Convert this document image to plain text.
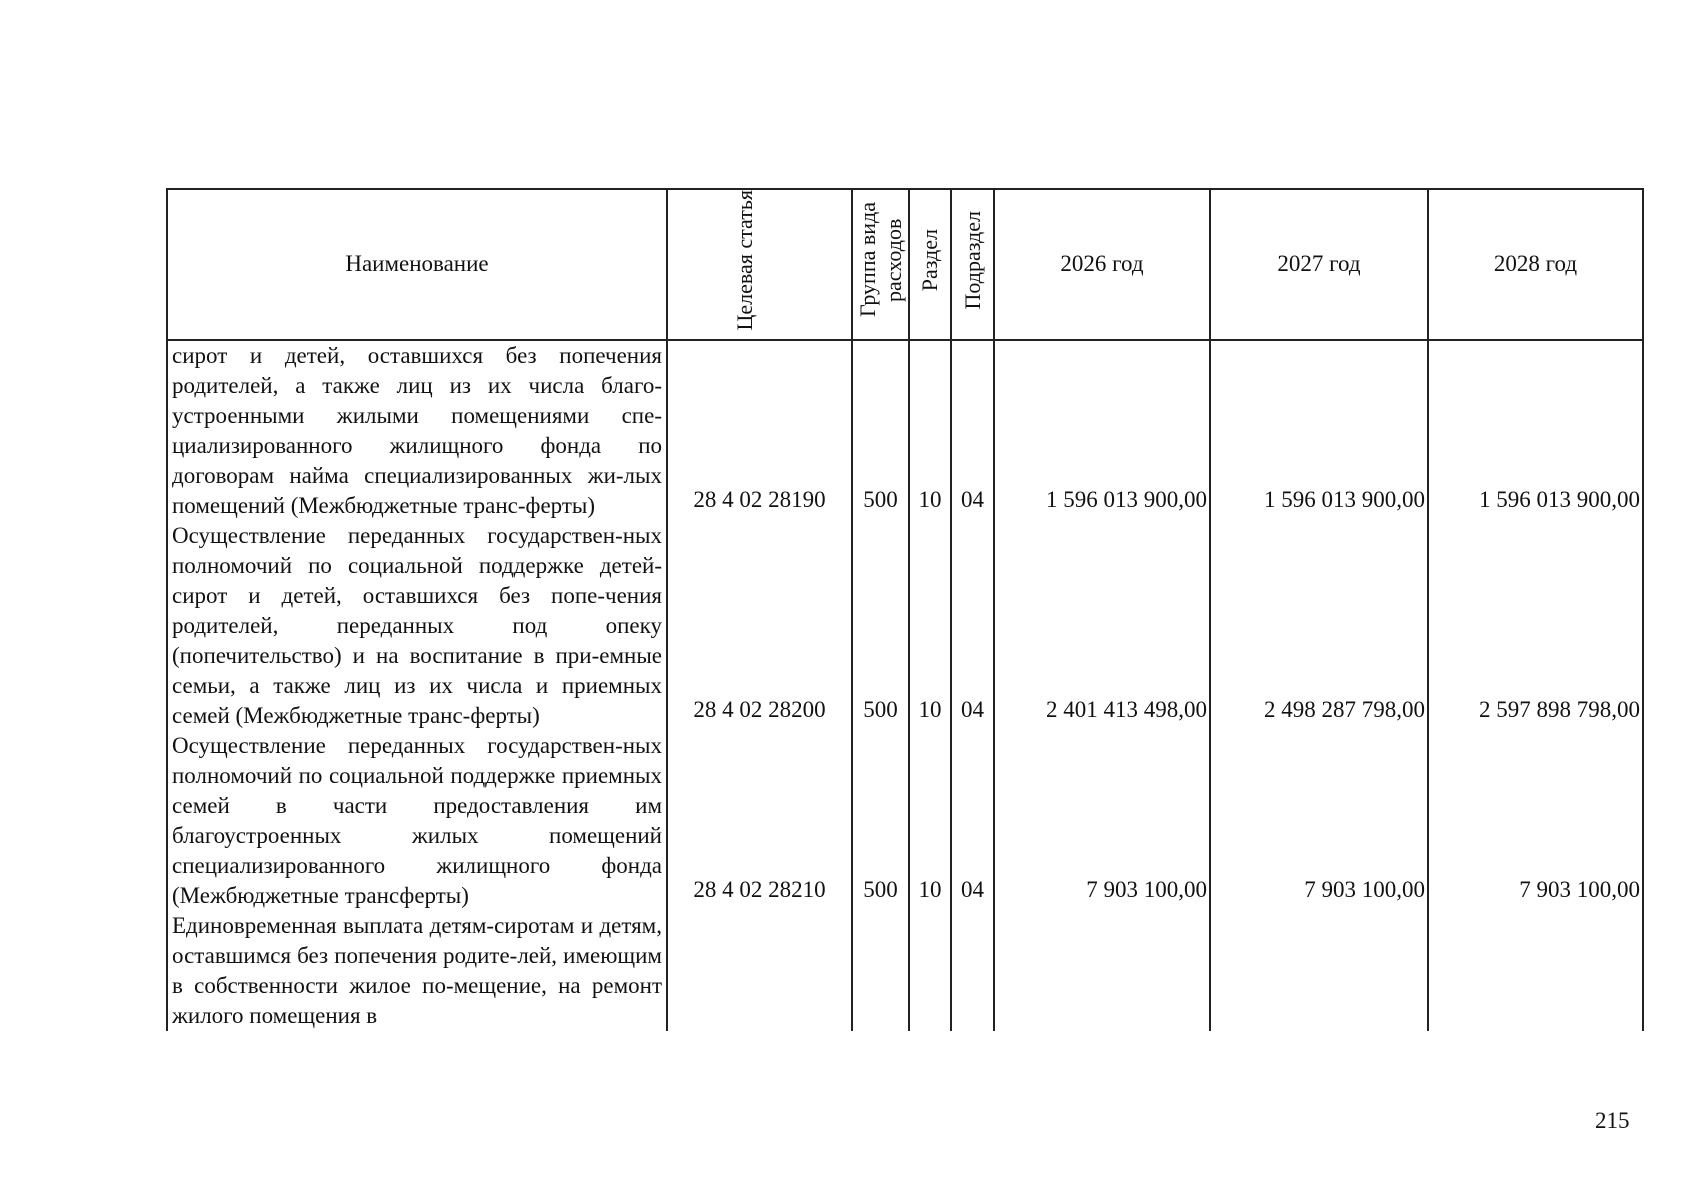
Наименование	Целевая статья	Группа вида расходов	Раздел	Подраздел	2026 год	2027 год	2028 год
сирот и детей, оставшихся без попечения родителей, а также лиц из их числа благо-устроенными жилыми помещениями спе-циализированного жилищного фонда по договорам найма специализированных жи-лых помещений (Межбюджетные транс-ферты)	28 4 02 28190	500	10	04	1 596 013 900,00	1 596 013 900,00	1 596 013 900,00
Осуществление переданных государствен-ных полномочий по социальной поддержке детей-сирот и детей, оставшихся без попе-чения родителей, переданных под опеку (попечительство) и на воспитание в при-емные семьи, а также лиц из их числа и приемных семей (Межбюджетные транс-ферты)	28 4 02 28200	500	10	04	2 401 413 498,00	2 498 287 798,00	2 597 898 798,00
Осуществление переданных государствен-ных полномочий по социальной поддержке приемных семей в части предоставления им благоустроенных жилых помещений специализированного жилищного фонда (Межбюджетные трансферты)	28 4 02 28210	500	10	04	7 903 100,00	7 903 100,00	7 903 100,00
Единовременная выплата детям-сиротам и детям, оставшимся без попечения родите-лей, имеющим в собственности жилое по-мещение, на ремонт жилого помещения в							
215
